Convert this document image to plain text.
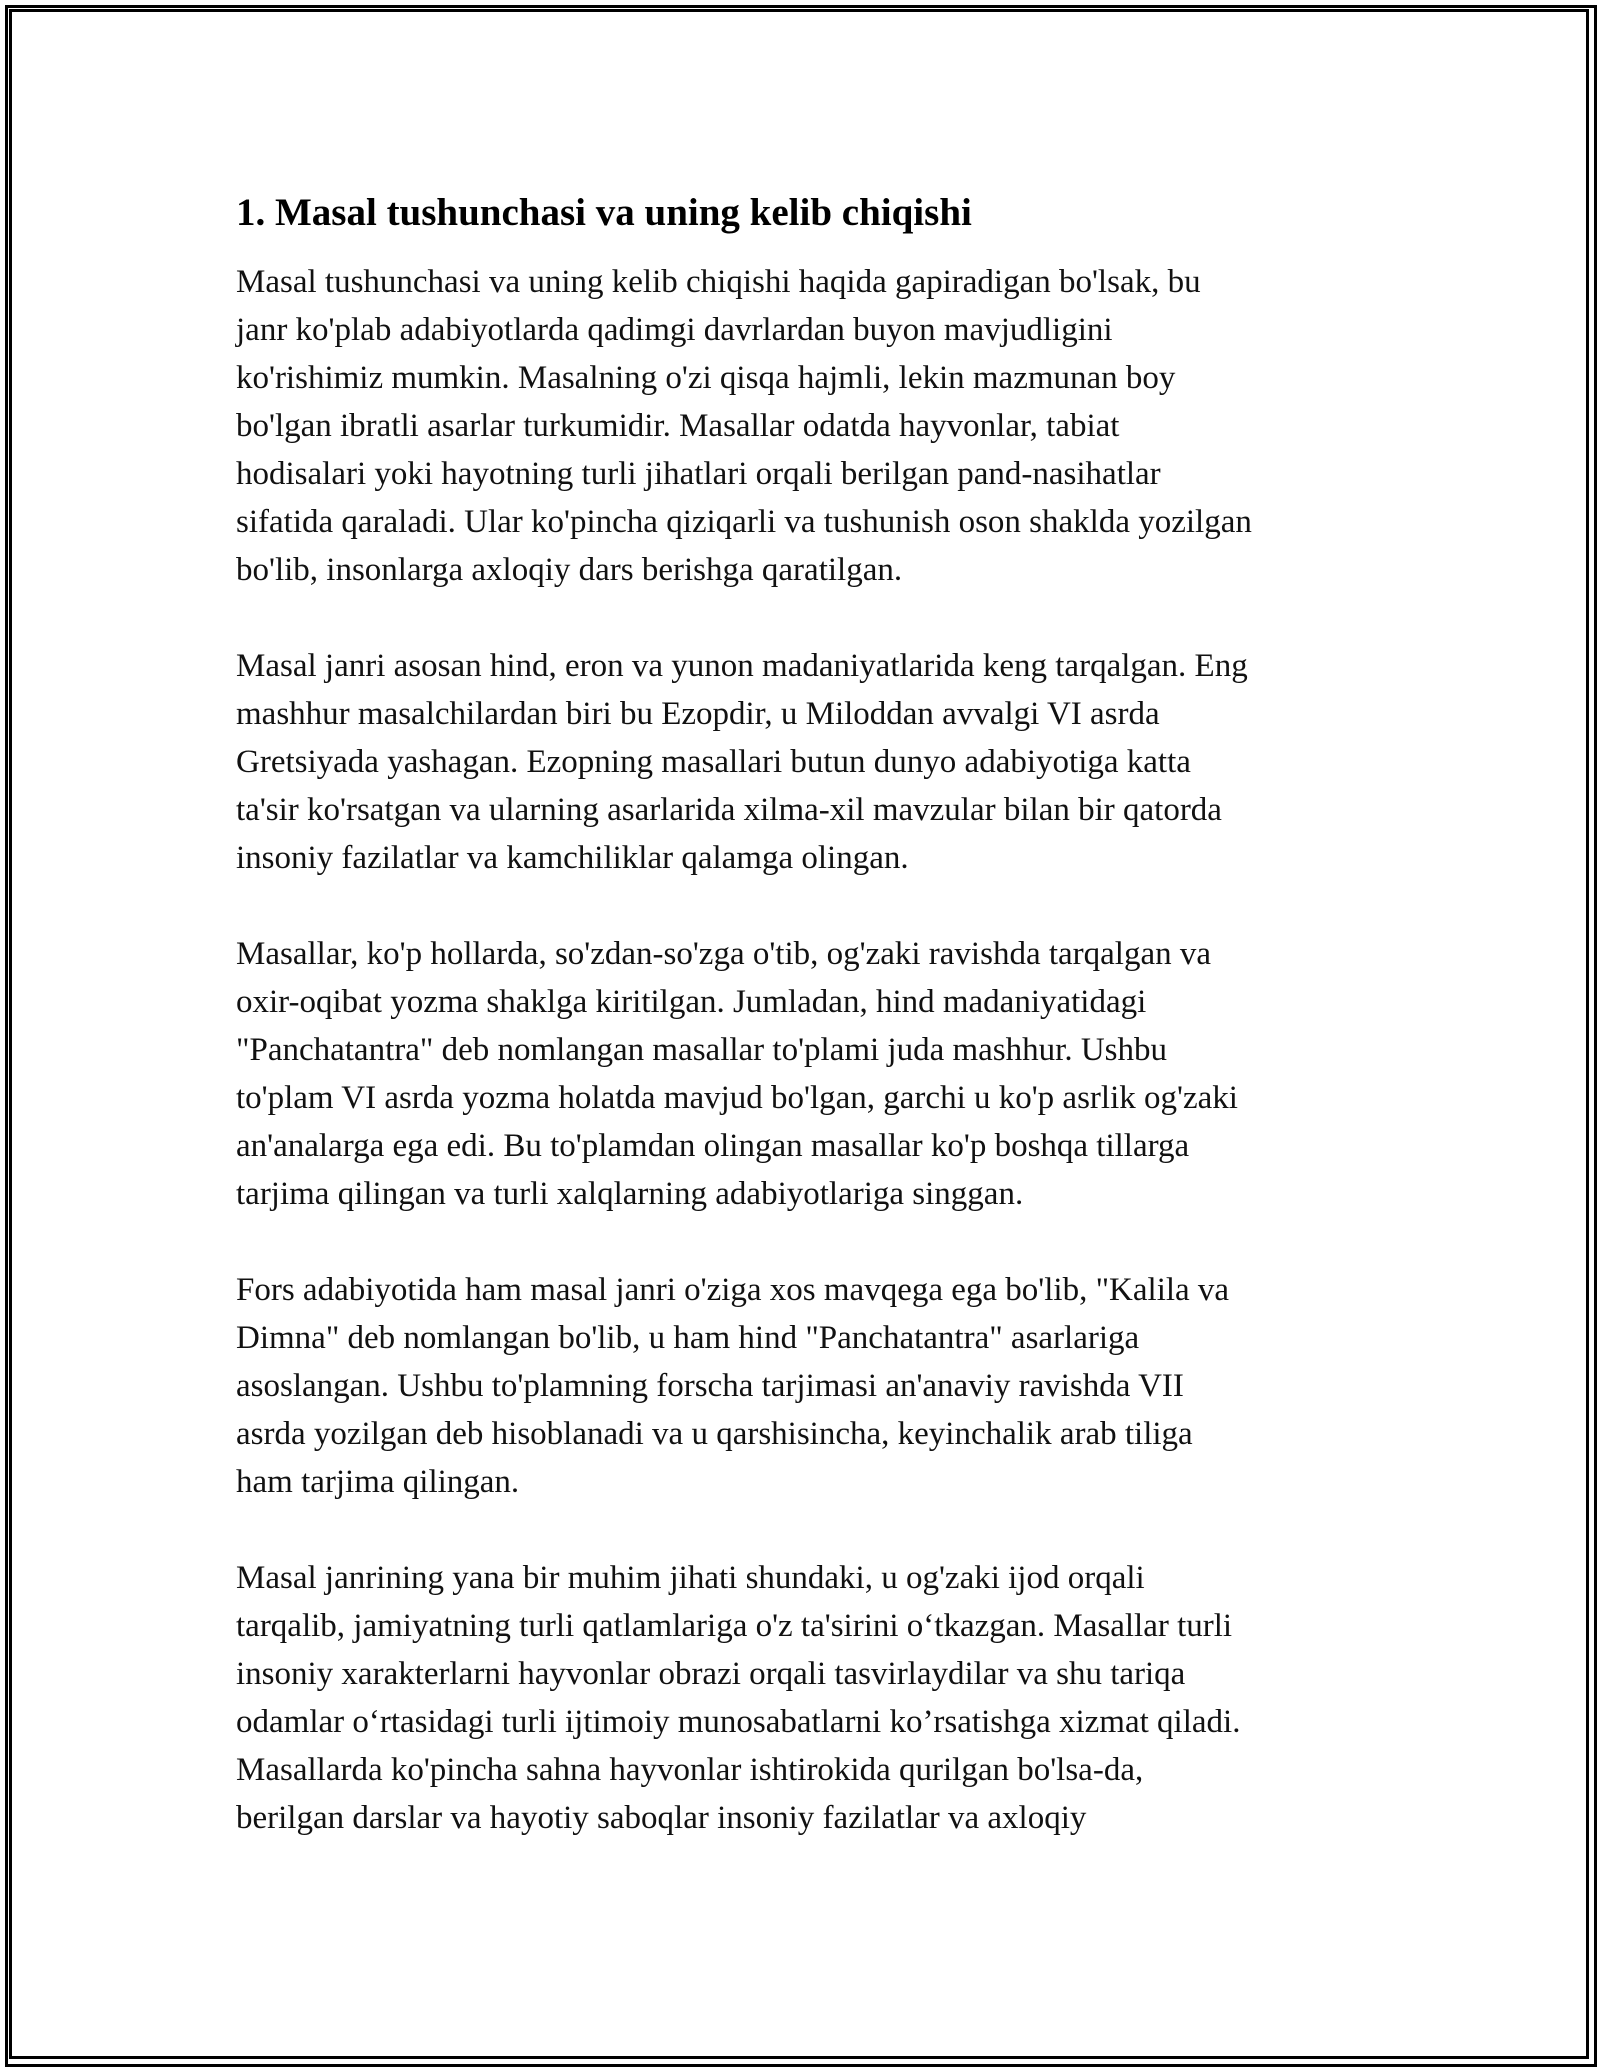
1. Masal tushunchasi va uning kelib chiqishi

Masal tushunchasi va uning kelib chiqishi haqida gapiradigan bo'lsak, bu
janr ko'plab adabiyotlarda qadimgi davrlardan buyon mavjudligini
ko'rishimiz mumkin. Masalning o'zi qisqa hajmli, lekin mazmunan boy
bo'lgan ibratli asarlar turkumidir. Masallar odatda hayvonlar, tabiat
hodisalari yoki hayotning turli jihatlari orqali berilgan pand-nasihatlar
sifatida qaraladi. Ular ko'pincha qiziqarli va tushunish oson shaklda yozilgan
bo'lib, insonlarga axloqiy dars berishga qaratilgan.

Masal janri asosan hind, eron va yunon madaniyatlarida keng tarqalgan. Eng
mashhur masalchilardan biri bu Ezopdir, u Miloddan avvalgi VI asrda
Gretsiyada yashagan. Ezopning masallari butun dunyo adabiyotiga katta
ta'sir ko'rsatgan va ularning asarlarida xilma-xil mavzular bilan bir qatorda
insoniy fazilatlar va kamchiliklar qalamga olingan.

Masallar, ko'p hollarda, so'zdan-so'zga o'tib, og'zaki ravishda tarqalgan va
oxir-oqibat yozma shaklga kiritilgan. Jumladan, hind madaniyatidagi
"Panchatantra" deb nomlangan masallar to'plami juda mashhur. Ushbu
to'plam VI asrda yozma holatda mavjud bo'lgan, garchi u ko'p asrlik og'zaki
an'analarga ega edi. Bu to'plamdan olingan masallar ko'p boshqa tillarga
tarjima qilingan va turli xalqlarning adabiyotlariga singgan.

Fors adabiyotida ham masal janri o'ziga xos mavqega ega bo'lib, "Kalila va
Dimna" deb nomlangan bo'lib, u ham hind "Panchatantra" asarlariga
asoslangan. Ushbu to'plamning forscha tarjimasi an'anaviy ravishda VII
asrda yozilgan deb hisoblanadi va u qarshisincha, keyinchalik arab tiliga
ham tarjima qilingan.

Masal janrining yana bir muhim jihati shundaki, u og'zaki ijod orqali
tarqalib, jamiyatning turli qatlamlariga o'z ta'sirini o‘tkazgan. Masallar turli
insoniy xarakterlarni hayvonlar obrazi orqali tasvirlaydilar va shu tariqa
odamlar o‘rtasidagi turli ijtimoiy munosabatlarni ko’rsatishga xizmat qiladi.
Masallarda ko'pincha sahna hayvonlar ishtirokida qurilgan bo'lsa-da,
berilgan darslar va hayotiy saboqlar insoniy fazilatlar va axloqiy
